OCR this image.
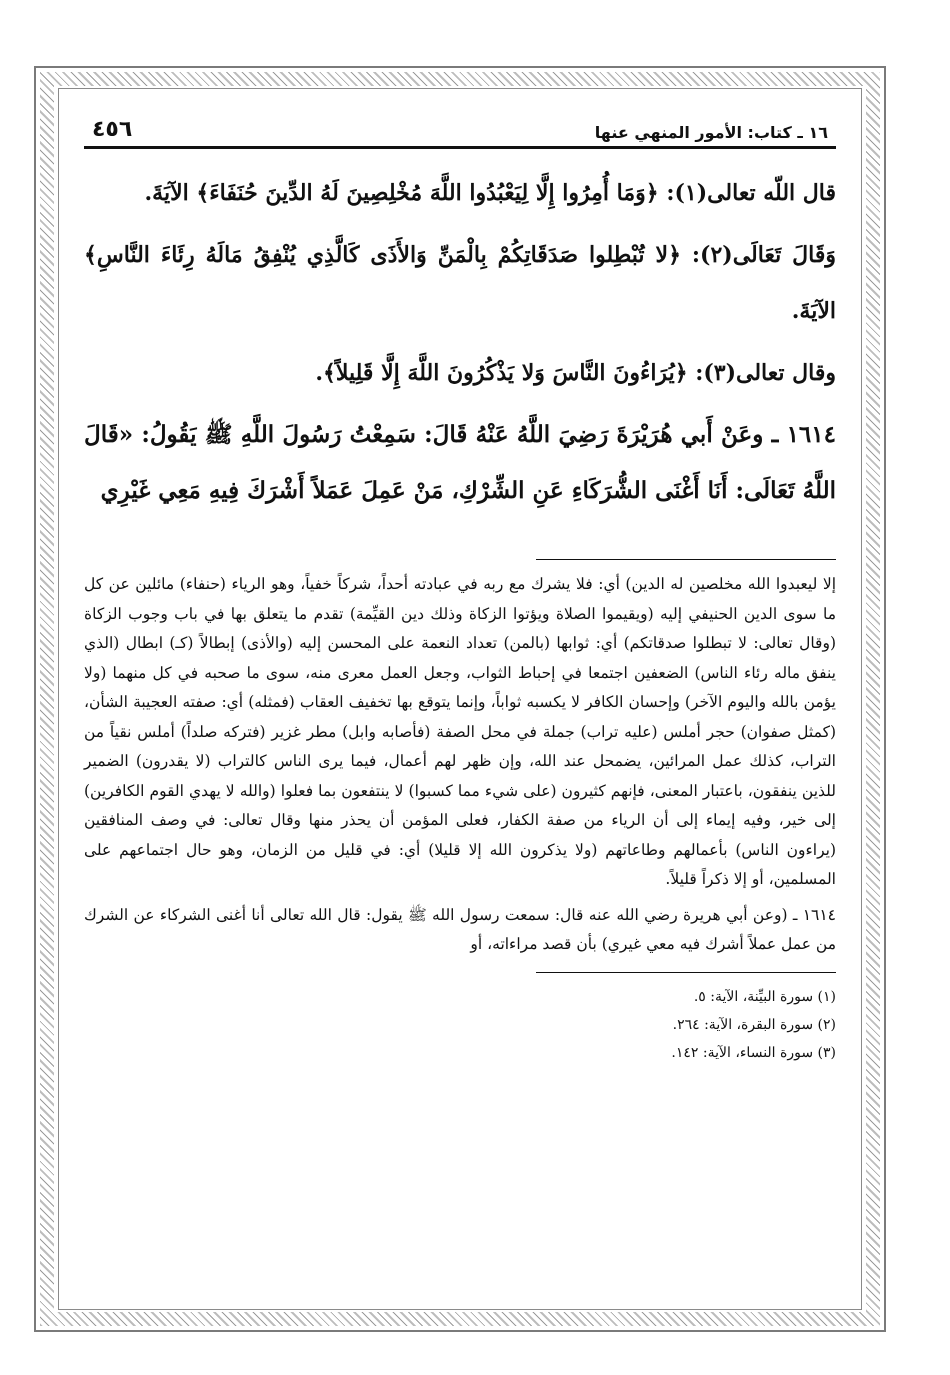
١٦ ـ كتاب: الأمور المنهي عنها
٤٥٦

قال اللّه تعالى(١): ﴿وَمَا أُمِرُوا إِلَّا لِيَعْبُدُوا اللَّهَ مُخْلِصِينَ لَهُ الدِّينَ حُنَفَاءَ﴾ الآيَةَ.

وَقَالَ تَعَالَى(٢): ﴿لا تُبْطِلوا صَدَقَاتِكُمْ بِالْمَنِّ وَالأَذَى كَالَّذِي يُنْفِقُ مَالَهُ رِئَاءَ النَّاسِ﴾ الآيَةَ.

وقال تعالى(٣): ﴿يُرَاءُونَ النَّاسَ وَلا يَذْكُرُونَ اللَّهَ إِلَّا قَلِيلاً﴾.

١٦١٤ ـ وعَنْ أَبي هُرَيْرَةَ رَضِيَ اللَّهُ عَنْهُ قَالَ: سَمِعْتُ رَسُولَ اللَّهِ ﷺ يَقُولُ: «قَالَ اللَّهُ تَعَالَى: أَنَا أَغْنَى الشُّرَكَاءِ عَنِ الشِّرْكِ، مَنْ عَمِلَ عَمَلاً أَشْرَكَ فِيهِ مَعِي غَيْرِي

إلا ليعبدوا الله مخلصين له الدين) أي: فلا يشرك مع ربه في عبادته أحداً، شركاً خفياً، وهو الرياء (حنفاء) مائلين عن كل ما سوى الدين الحنيفي إليه (ويقيموا الصلاة ويؤتوا الزكاة وذلك دين القيِّمة) تقدم ما يتعلق بها في باب وجوب الزكاة (وقال تعالى: لا تبطلوا صدقاتكم) أي: ثوابها (بالمن) تعداد النعمة على المحسن إليه (والأذى) إبطالاً (كـ) ابطال (الذي ينفق ماله رئاء الناس) الضعفين اجتمعا في إحباط الثواب، وجعل العمل معرى منه، سوى ما صحبه في كل منهما (ولا يؤمن بالله واليوم الآخر) وإحسان الكافر لا يكسبه ثواباً، وإنما يتوقع بها تخفيف العقاب (فمثله) أي: صفته العجيبة الشأن، (كمثل صفوان) حجر أملس (عليه تراب) جملة في محل الصفة (فأصابه وابل) مطر غزير (فتركه صلداً) أملس نقياً من التراب، كذلك عمل المرائين، يضمحل عند الله، وإن ظهر لهم أعمال، فيما يرى الناس كالتراب (لا يقدرون) الضمير للذين ينفقون، باعتبار المعنى، فإنهم كثيرون (على شيء مما كسبوا) لا ينتفعون بما فعلوا (والله لا يهدي القوم الكافرين) إلى خير، وفيه إيماء إلى أن الرياء من صفة الكفار، فعلى المؤمن أن يحذر منها وقال تعالى: في وصف المنافقين (يراءون الناس) بأعمالهم وطاعاتهم (ولا يذكرون الله إلا قليلا) أي: في قليل من الزمان، وهو حال اجتماعهم على المسلمين، أو إلا ذكراً قليلاً.

١٦١٤ ـ (وعن أبي هريرة رضي الله عنه قال: سمعت رسول الله ﷺ يقول: قال الله تعالى أنا أغنى الشركاء عن الشرك من عمل عملاً أشرك فيه معي غيري) بأن قصد مراءاته، أو

(١) سورة البيِّنة، الآية: ٥.
(٢) سورة البقرة، الآية: ٢٦٤.
(٣) سورة النساء، الآية: ١٤٢.
